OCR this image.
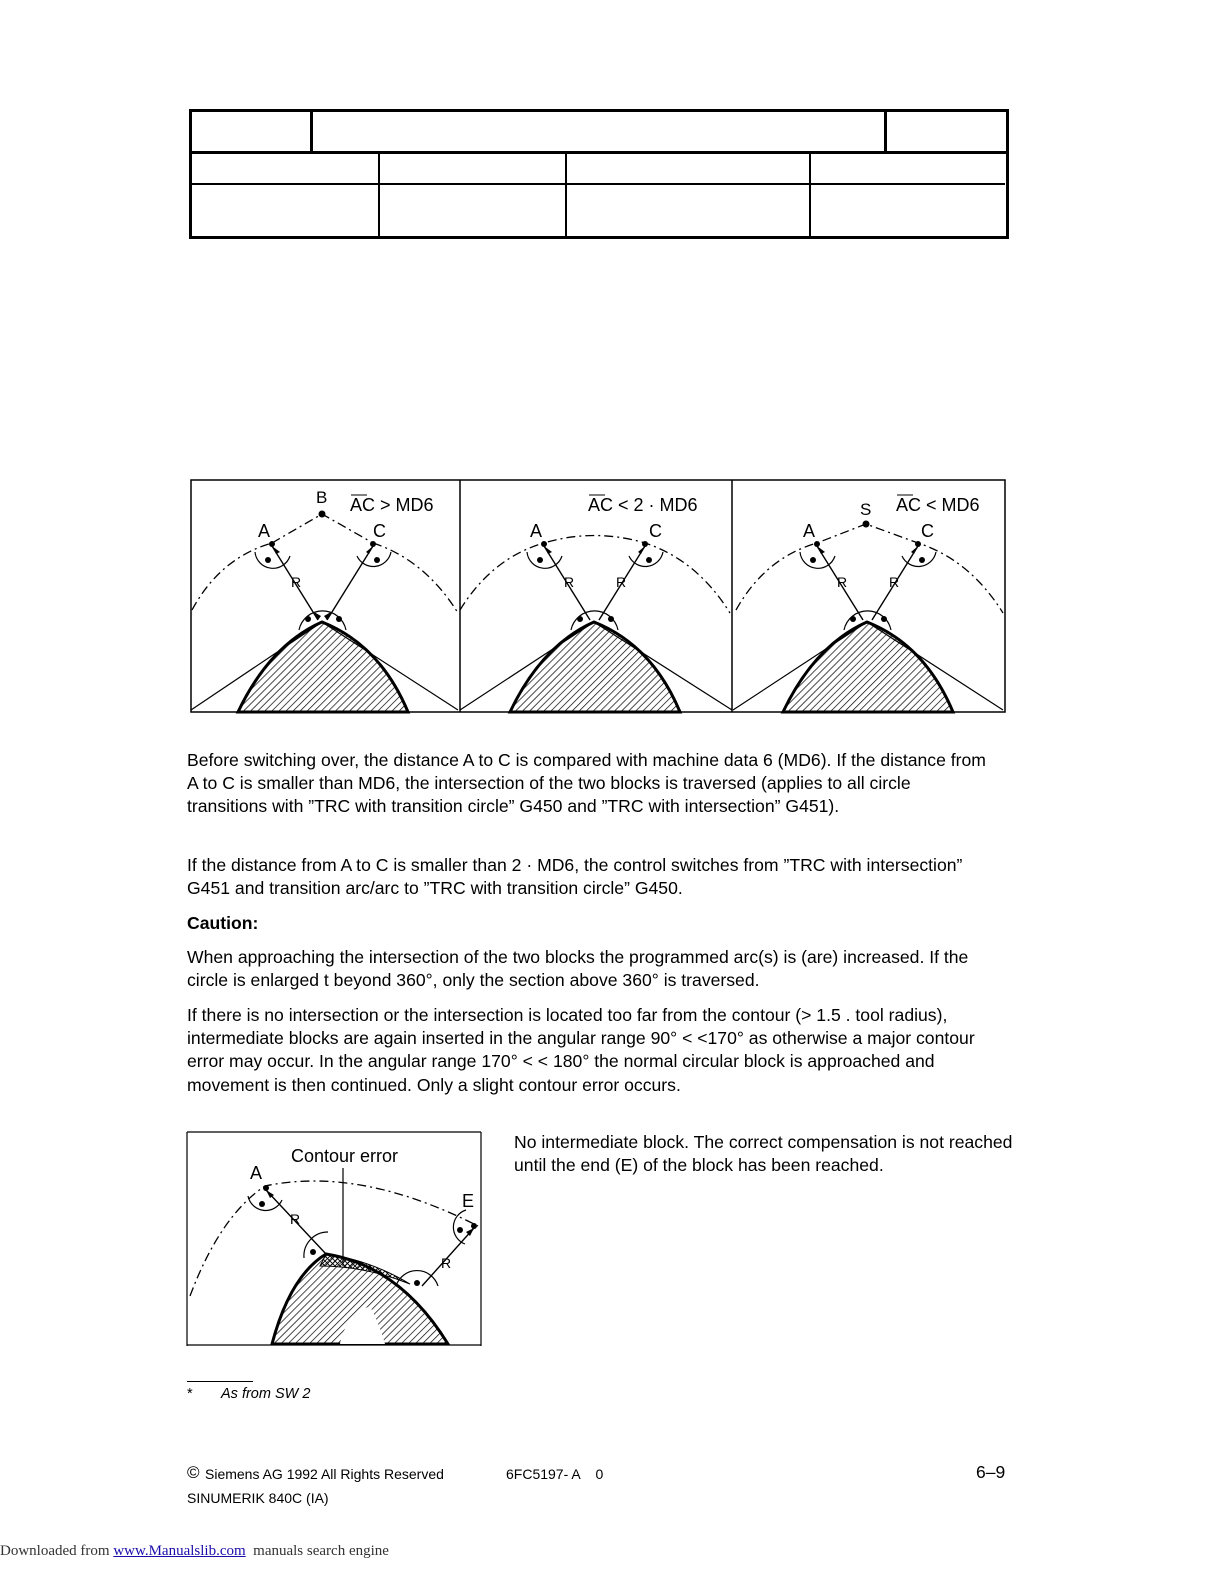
B AC > MD6
A	C
R
AC < 2 · MD6
A	C
R	R
S AC < MD6
A	C
R	R

Before switching over, the distance A to C is compared with machine data 6 (MD6). If the distance from A to C is smaller than MD6, the intersection of the two blocks is traversed (applies to all circle transitions with ”TRC with transition circle” G450 and ”TRC with intersection” G451).

If the distance from A to C is smaller than 2 · MD6, the control switches from ”TRC with intersection” G451 and transition arc/arc to ”TRC with transition circle” G450.

Caution:

When approaching the intersection of the two blocks the programmed arc(s) is (are) increased. If the circle is enlarged t beyond 360°, only the section above 360° is traversed.

If there is no intersection or the intersection is located too far from the contour (> 1.5 . tool radius), intermediate blocks are again inserted in the angular range 90° < <170° as otherwise a major contour error may occur. In the angular range 170° < < 180° the normal circular block is approached and movement is then continued. Only a slight contour error occurs.

Contour error
A
E
R
R

No intermediate block. The correct compensation is not reached until the end (E) of the block has been reached.

* As from SW 2
© Siemens AG 1992 All Rights Reserved	6FC5197- A    0
SINUMERIK 840C (IA)
6–9
Downloaded from www.Manualslib.com  manuals search engine
